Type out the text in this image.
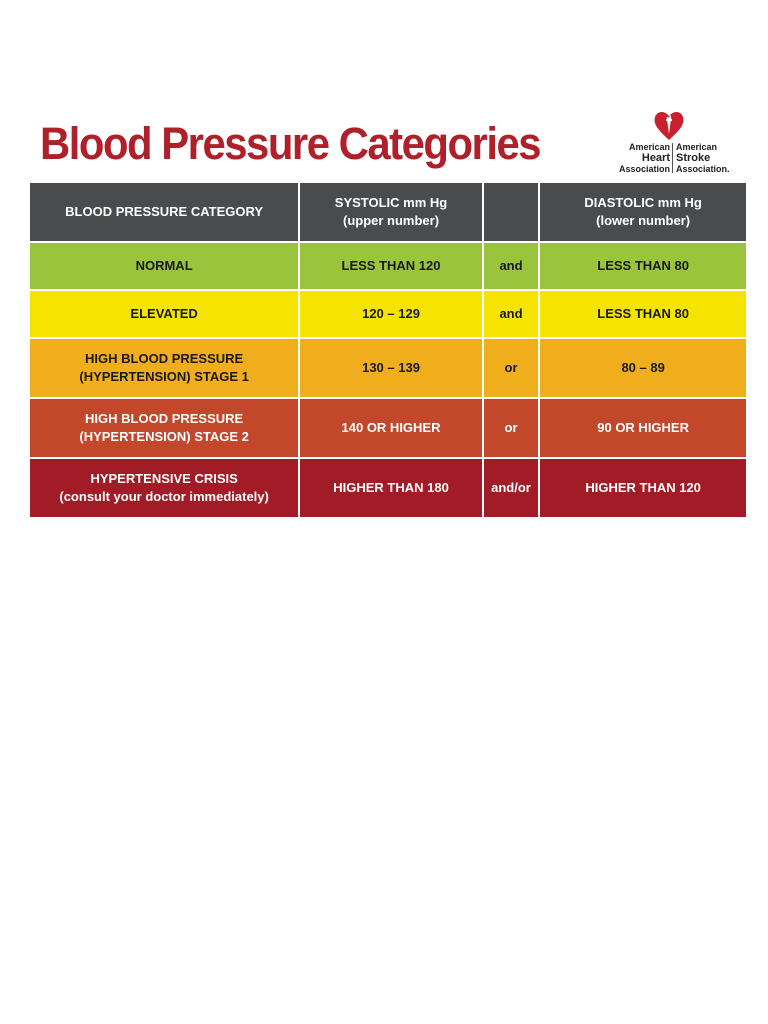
Blood Pressure Categories	American
Heart
Association
American
Stroke
Association.
BLOOD PRESSURE CATEGORY	SYSTOLIC mm Hg
(upper number)		DIASTOLIC mm Hg
(lower number)

NORMAL	LESS THAN 120	and	LESS THAN 80

ELEVATED	120 – 129	and	LESS THAN 80

HIGH BLOOD PRESSURE
(HYPERTENSION) STAGE 1	130 – 139	or	80 – 89

HIGH BLOOD PRESSURE
(HYPERTENSION) STAGE 2	140 OR HIGHER	or	90 OR HIGHER

HYPERTENSIVE CRISIS
(consult your doctor immediately)	HIGHER THAN 180	and/or	HIGHER THAN 120
